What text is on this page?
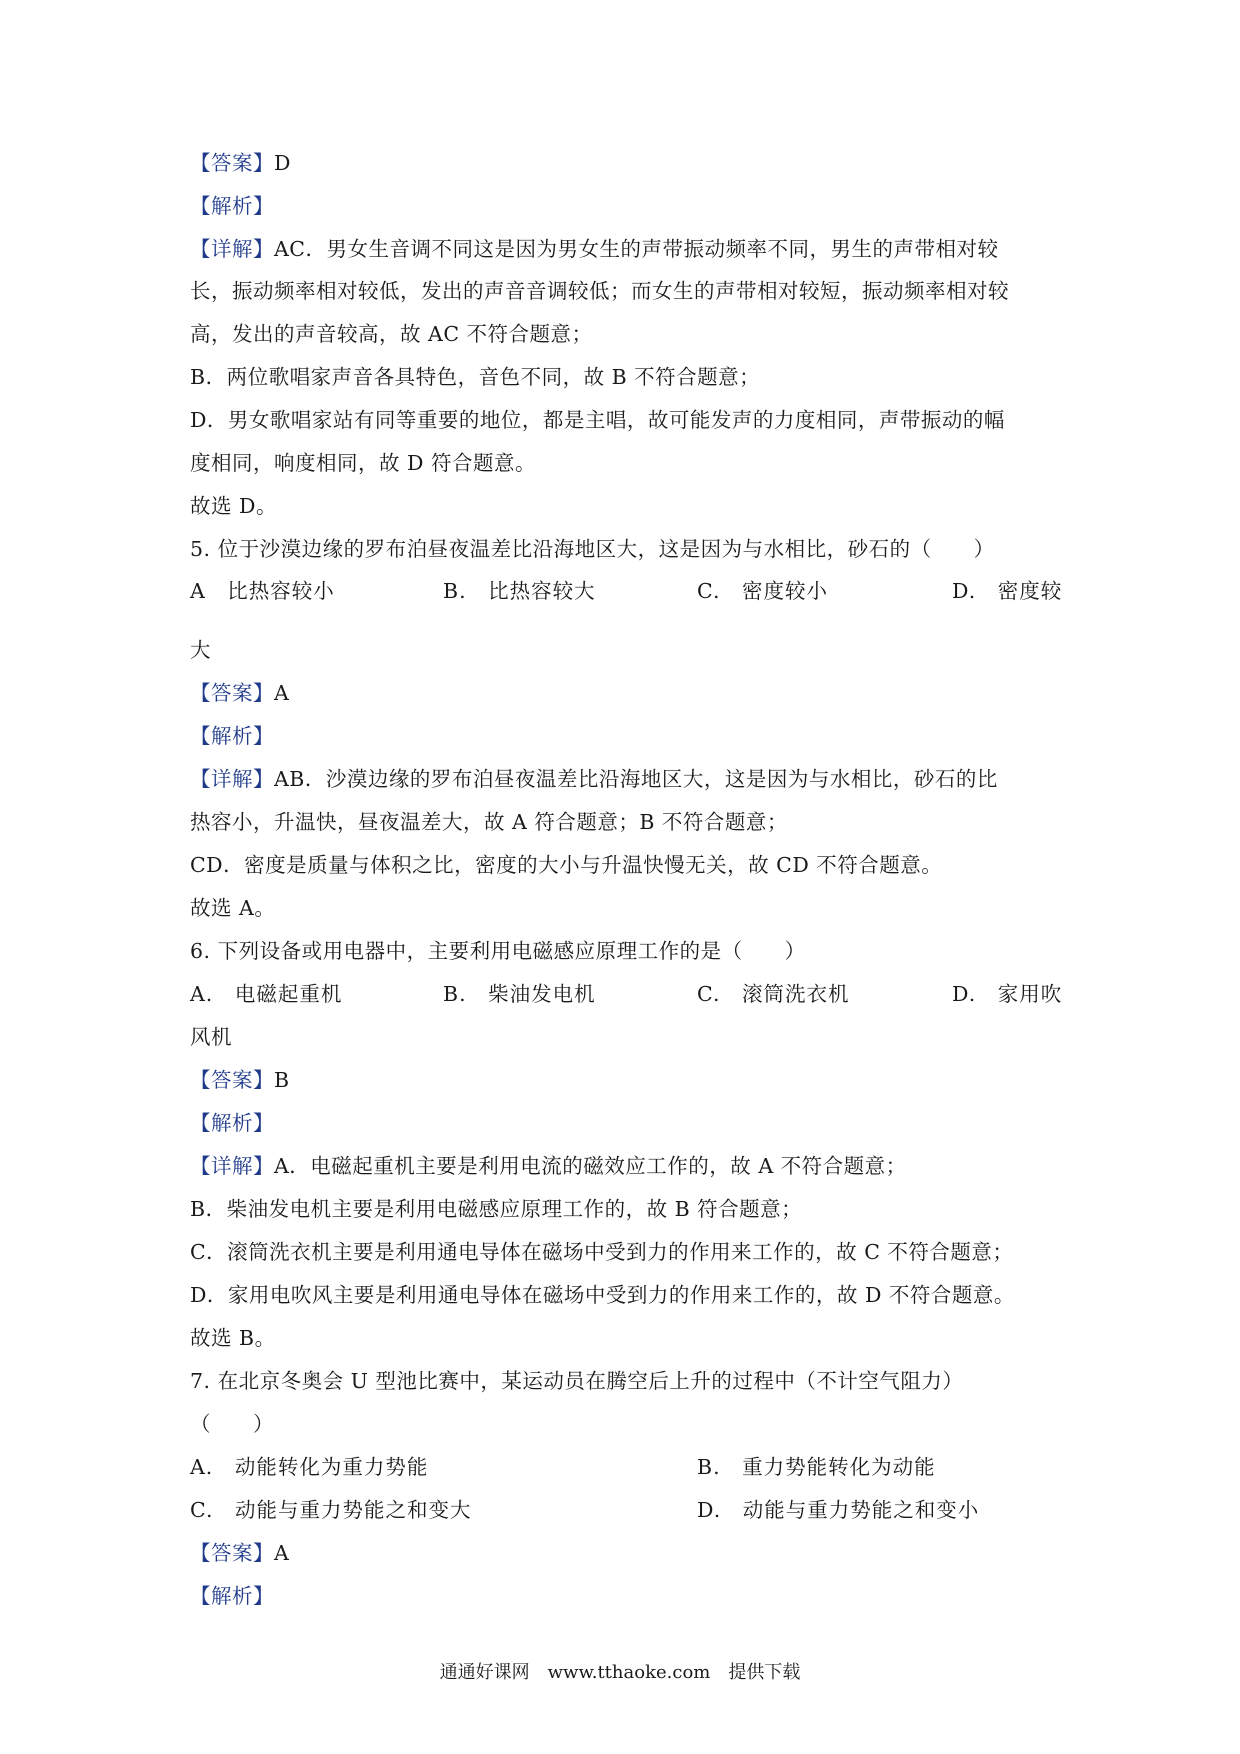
【答案】D
【解析】
【详解】AC．男女生音调不同这是因为男女生的声带振动频率不同，男生的声带相对较
长，振动频率相对较低，发出的声音音调较低；而女生的声带相对较短，振动频率相对较
高，发出的声音较高，故 AC 不符合题意；
B．两位歌唱家声音各具特色，音色不同，故 B 不符合题意；
D．男女歌唱家站有同等重要的地位，都是主唱，故可能发声的力度相同，声带振动的幅
度相同，响度相同，故 D 符合题意。
故选 D。
5. 位于沙漠边缘的罗布泊昼夜温差比沿海地区大，这是因为与水相比，砂石的（　　）
A　比热容较小	B.　比热容较大	C.　密度较小	D.　密度较
大
【答案】A
【解析】
【详解】AB．沙漠边缘的罗布泊昼夜温差比沿海地区大，这是因为与水相比，砂石的比
热容小，升温快，昼夜温差大，故 A 符合题意；B 不符合题意；
CD．密度是质量与体积之比，密度的大小与升温快慢无关，故 CD 不符合题意。
故选 A。
6. 下列设备或用电器中，主要利用电磁感应原理工作的是（　　）
A.　电磁起重机	B.　柴油发电机	C.　滚筒洗衣机	D.　家用吹
风机
【答案】B
【解析】
【详解】A．电磁起重机主要是利用电流的磁效应工作的，故 A 不符合题意；
B．柴油发电机主要是利用电磁感应原理工作的，故 B 符合题意；
C．滚筒洗衣机主要是利用通电导体在磁场中受到力的作用来工作的，故 C 不符合题意；
D．家用电吹风主要是利用通电导体在磁场中受到力的作用来工作的，故 D 不符合题意。
故选 B。
7. 在北京冬奥会 U 型池比赛中，某运动员在腾空后上升的过程中（不计空气阻力）
（　　）
A.　动能转化为重力势能	B.　重力势能转化为动能
C.　动能与重力势能之和变大	D.　动能与重力势能之和变小
【答案】A
【解析】
通通好课网　www.tthaoke.com　提供下载
